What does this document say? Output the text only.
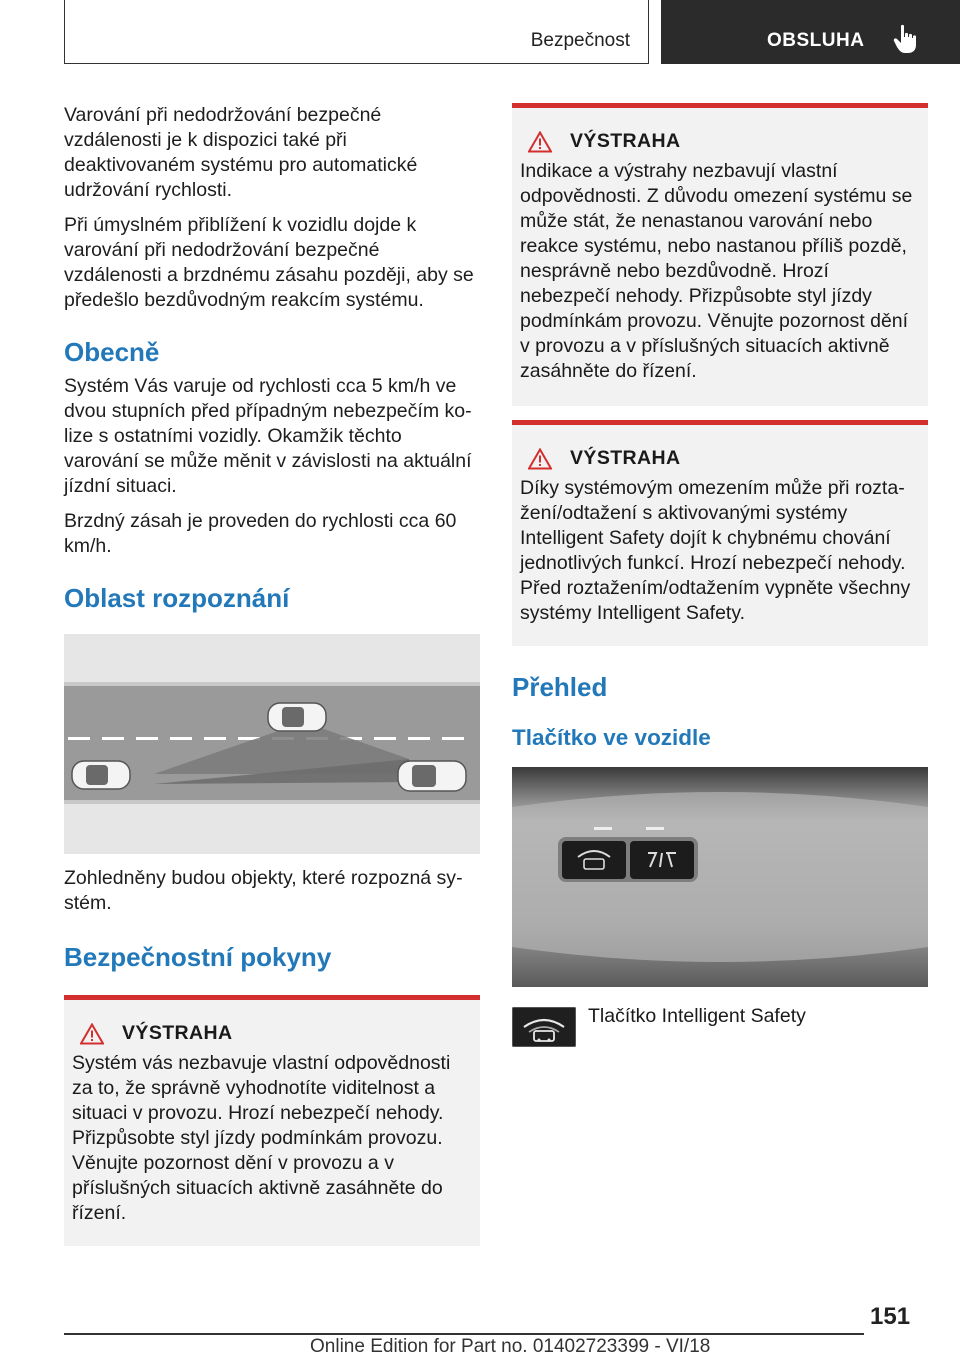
Bezpečnost	OBSLUHA

Varování při nedodržování bezpečné vzdálenosti je k dispozici také při deaktivovaném systému pro automatické udržování rychlosti.

Při úmyslném přiblížení k vozidlu dojde k varování při nedodržování bezpečné vzdálenosti a brzdnému zásahu později, aby se předešlo bezdůvodným reakcím systému.

Obecně

Systém Vás varuje od rychlosti cca 5 km/h ve dvou stupních před případným nebezpečím kolize s ostatními vozidly. Okamžik těchto varování se může měnit v závislosti na aktuální jízdní situaci.

Brzdný zásah je proveden do rychlosti cca 60 km/h.

Oblast rozpoznání

Zohledněny budou objekty, které rozpozná systém.

Bezpečnostní pokyny
VÝSTRAHA

Systém vás nezbavuje vlastní odpovědnosti za to, že správně vyhodnotíte viditelnost a situaci v provozu. Hrozí nebezpečí nehody. Přizpůsobte styl jízdy podmínkám provozu. Věnujte pozornost dění v provozu a v příslušných situacích aktivně zasáhněte do řízení.

VÝSTRAHA

Indikace a výstrahy nezbavují vlastní odpovědnosti. Z důvodu omezení systému se může stát, že nenastanou varování nebo reakce systému, nebo nastanou příliš pozdě, nesprávně nebo bezdůvodně. Hrozí nebezpečí nehody. Přizpůsobte styl jízdy podmínkám provozu. Věnujte pozornost dění v provozu a v příslušných situacích aktivně zasáhněte do řízení.

VÝSTRAHA

Díky systémovým omezením může při roztažení/odtažení s aktivovanými systémy Intelligent Safety dojít k chybnému chování jednotlivých funkcí. Hrozí nebezpečí nehody. Před roztažením/odtažením vypněte všechny systémy Intelligent Safety.

Přehled
Tlačítko ve vozidle
Tlačítko Intelligent Safety
151
Online Edition for Part no. 01402723399 - VI/18
